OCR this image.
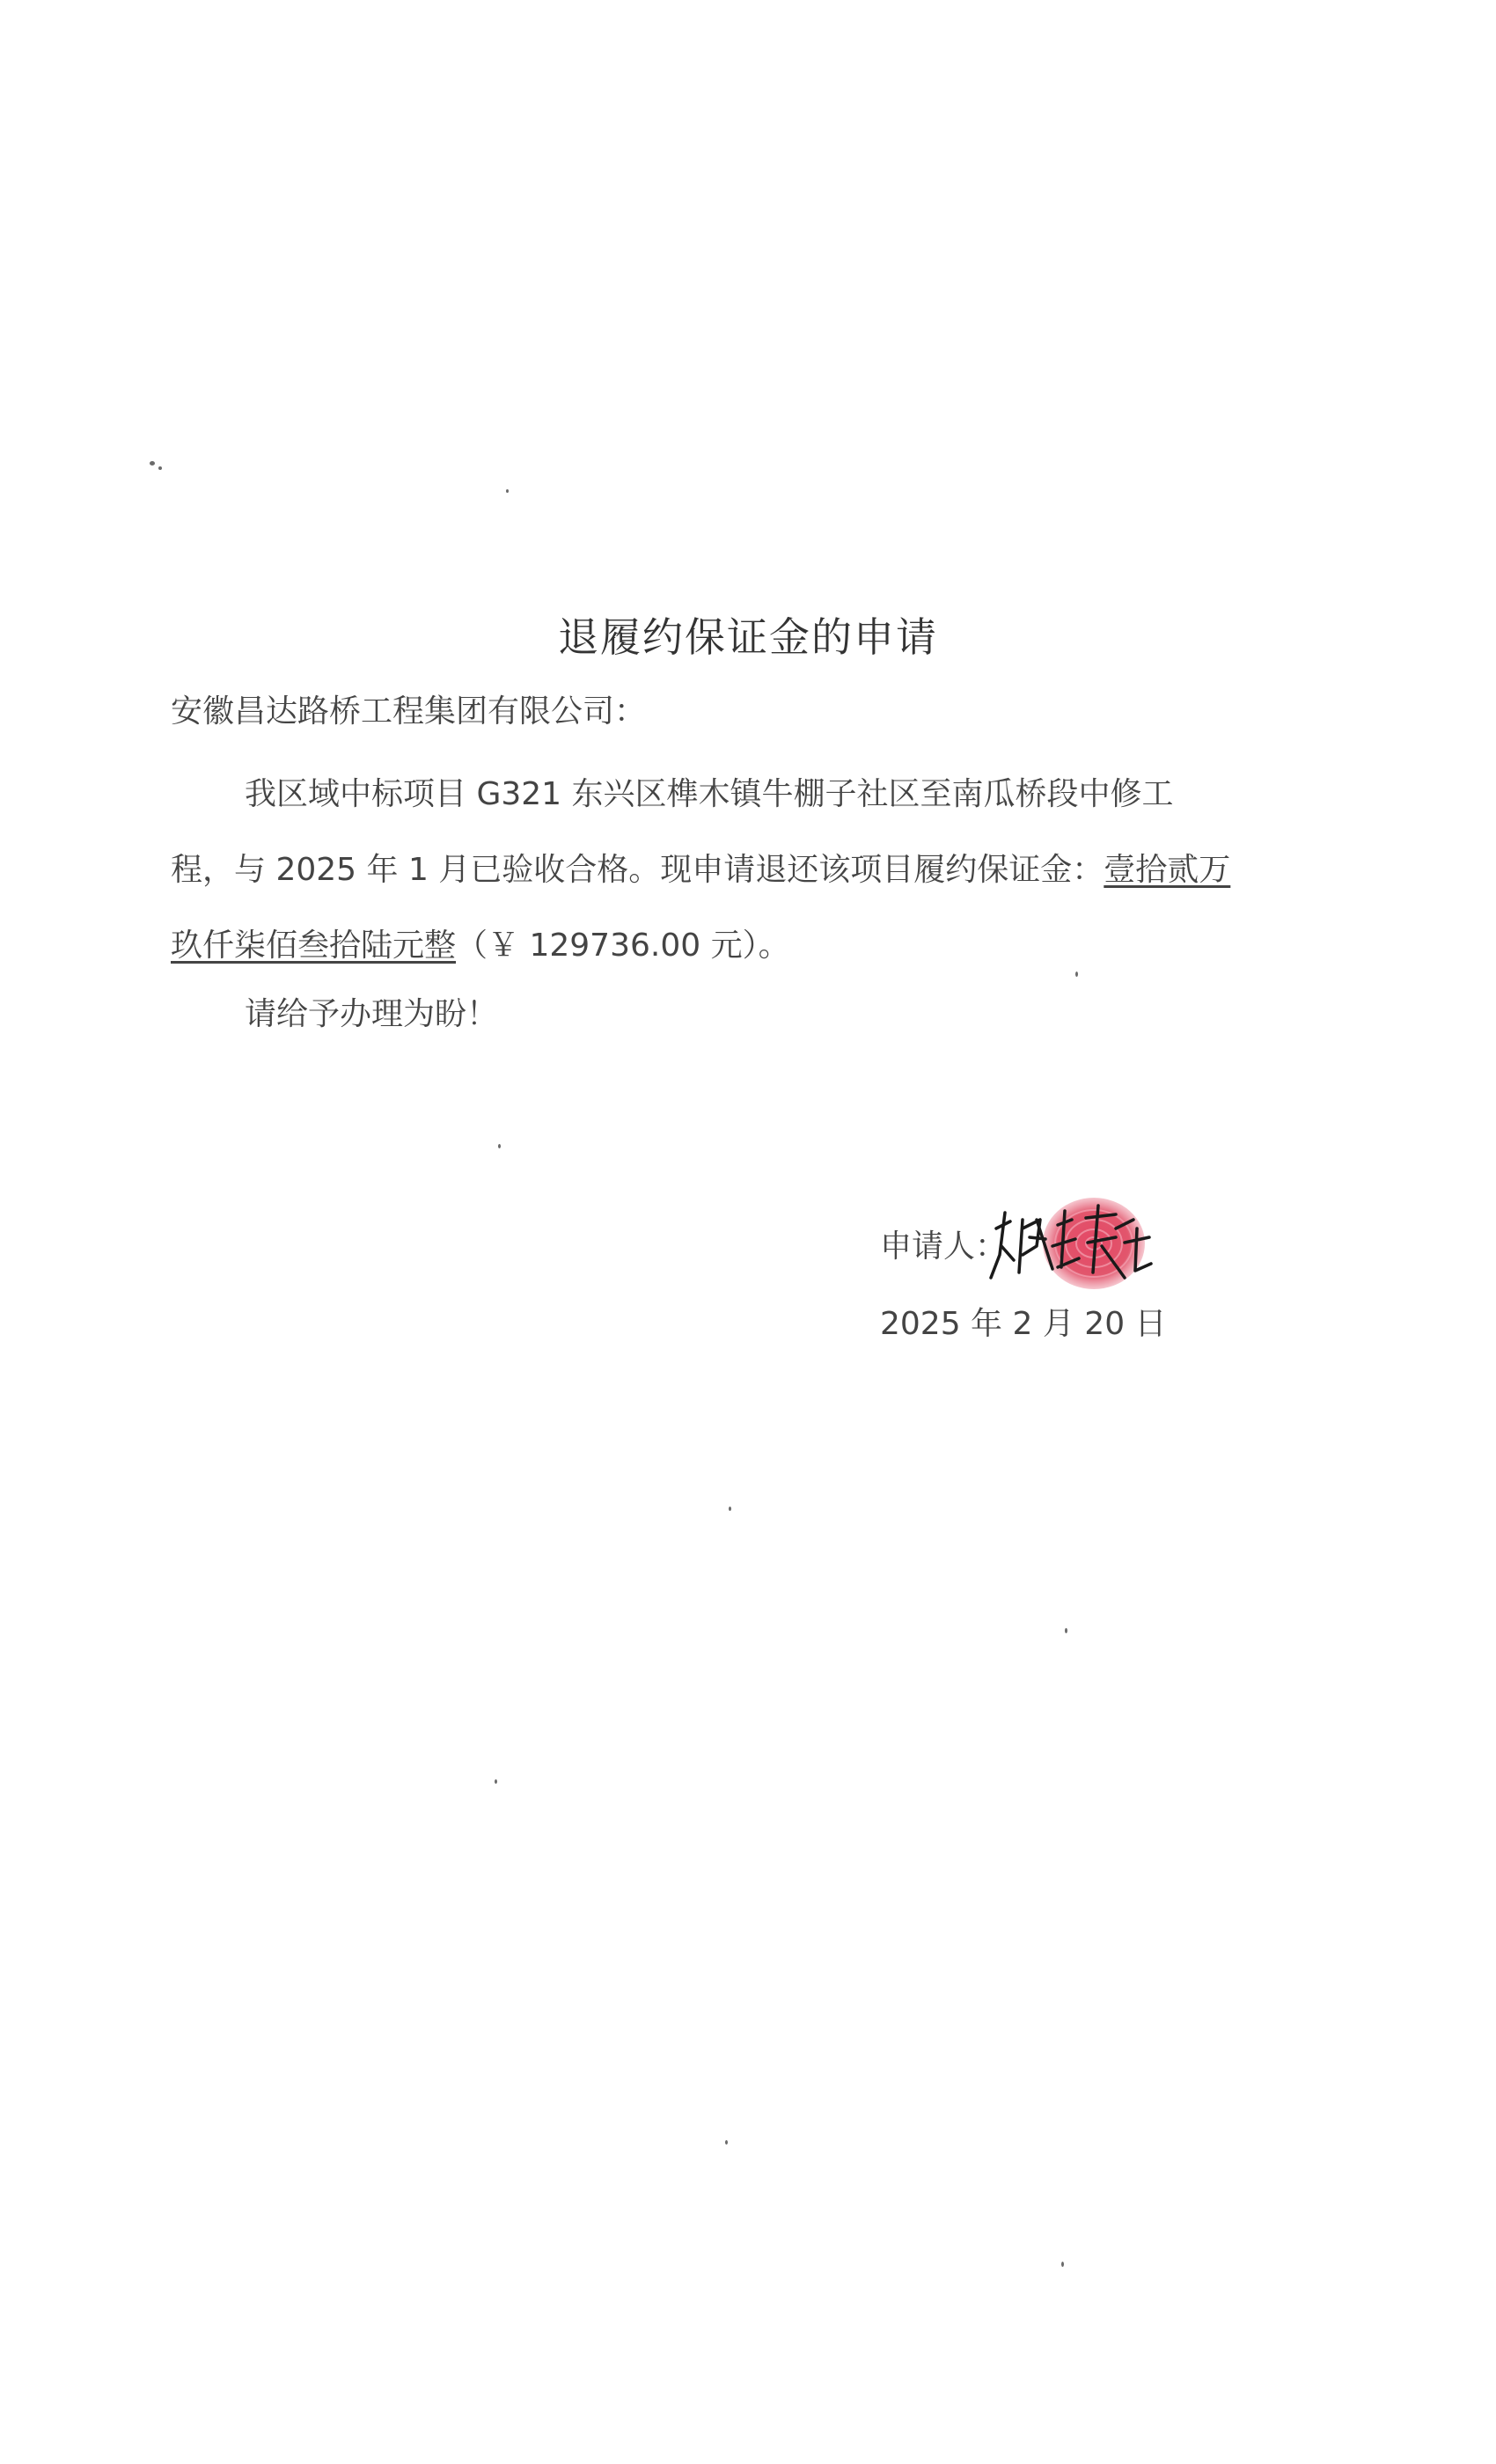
退履约保证金的申请
安徽昌达路桥工程集团有限公司：

我区域中标项目 G321 东兴区榫木镇牛棚子社区至南瓜桥段中修工程，与 2025 年 1 月已验收合格。现申请退还该项目履约保证金：壹拾贰万玖仟柒佰叁拾陆元整（￥ 129736.00 元）。

请给予办理为盼！
申请人：
2025 年 2 月 20 日
